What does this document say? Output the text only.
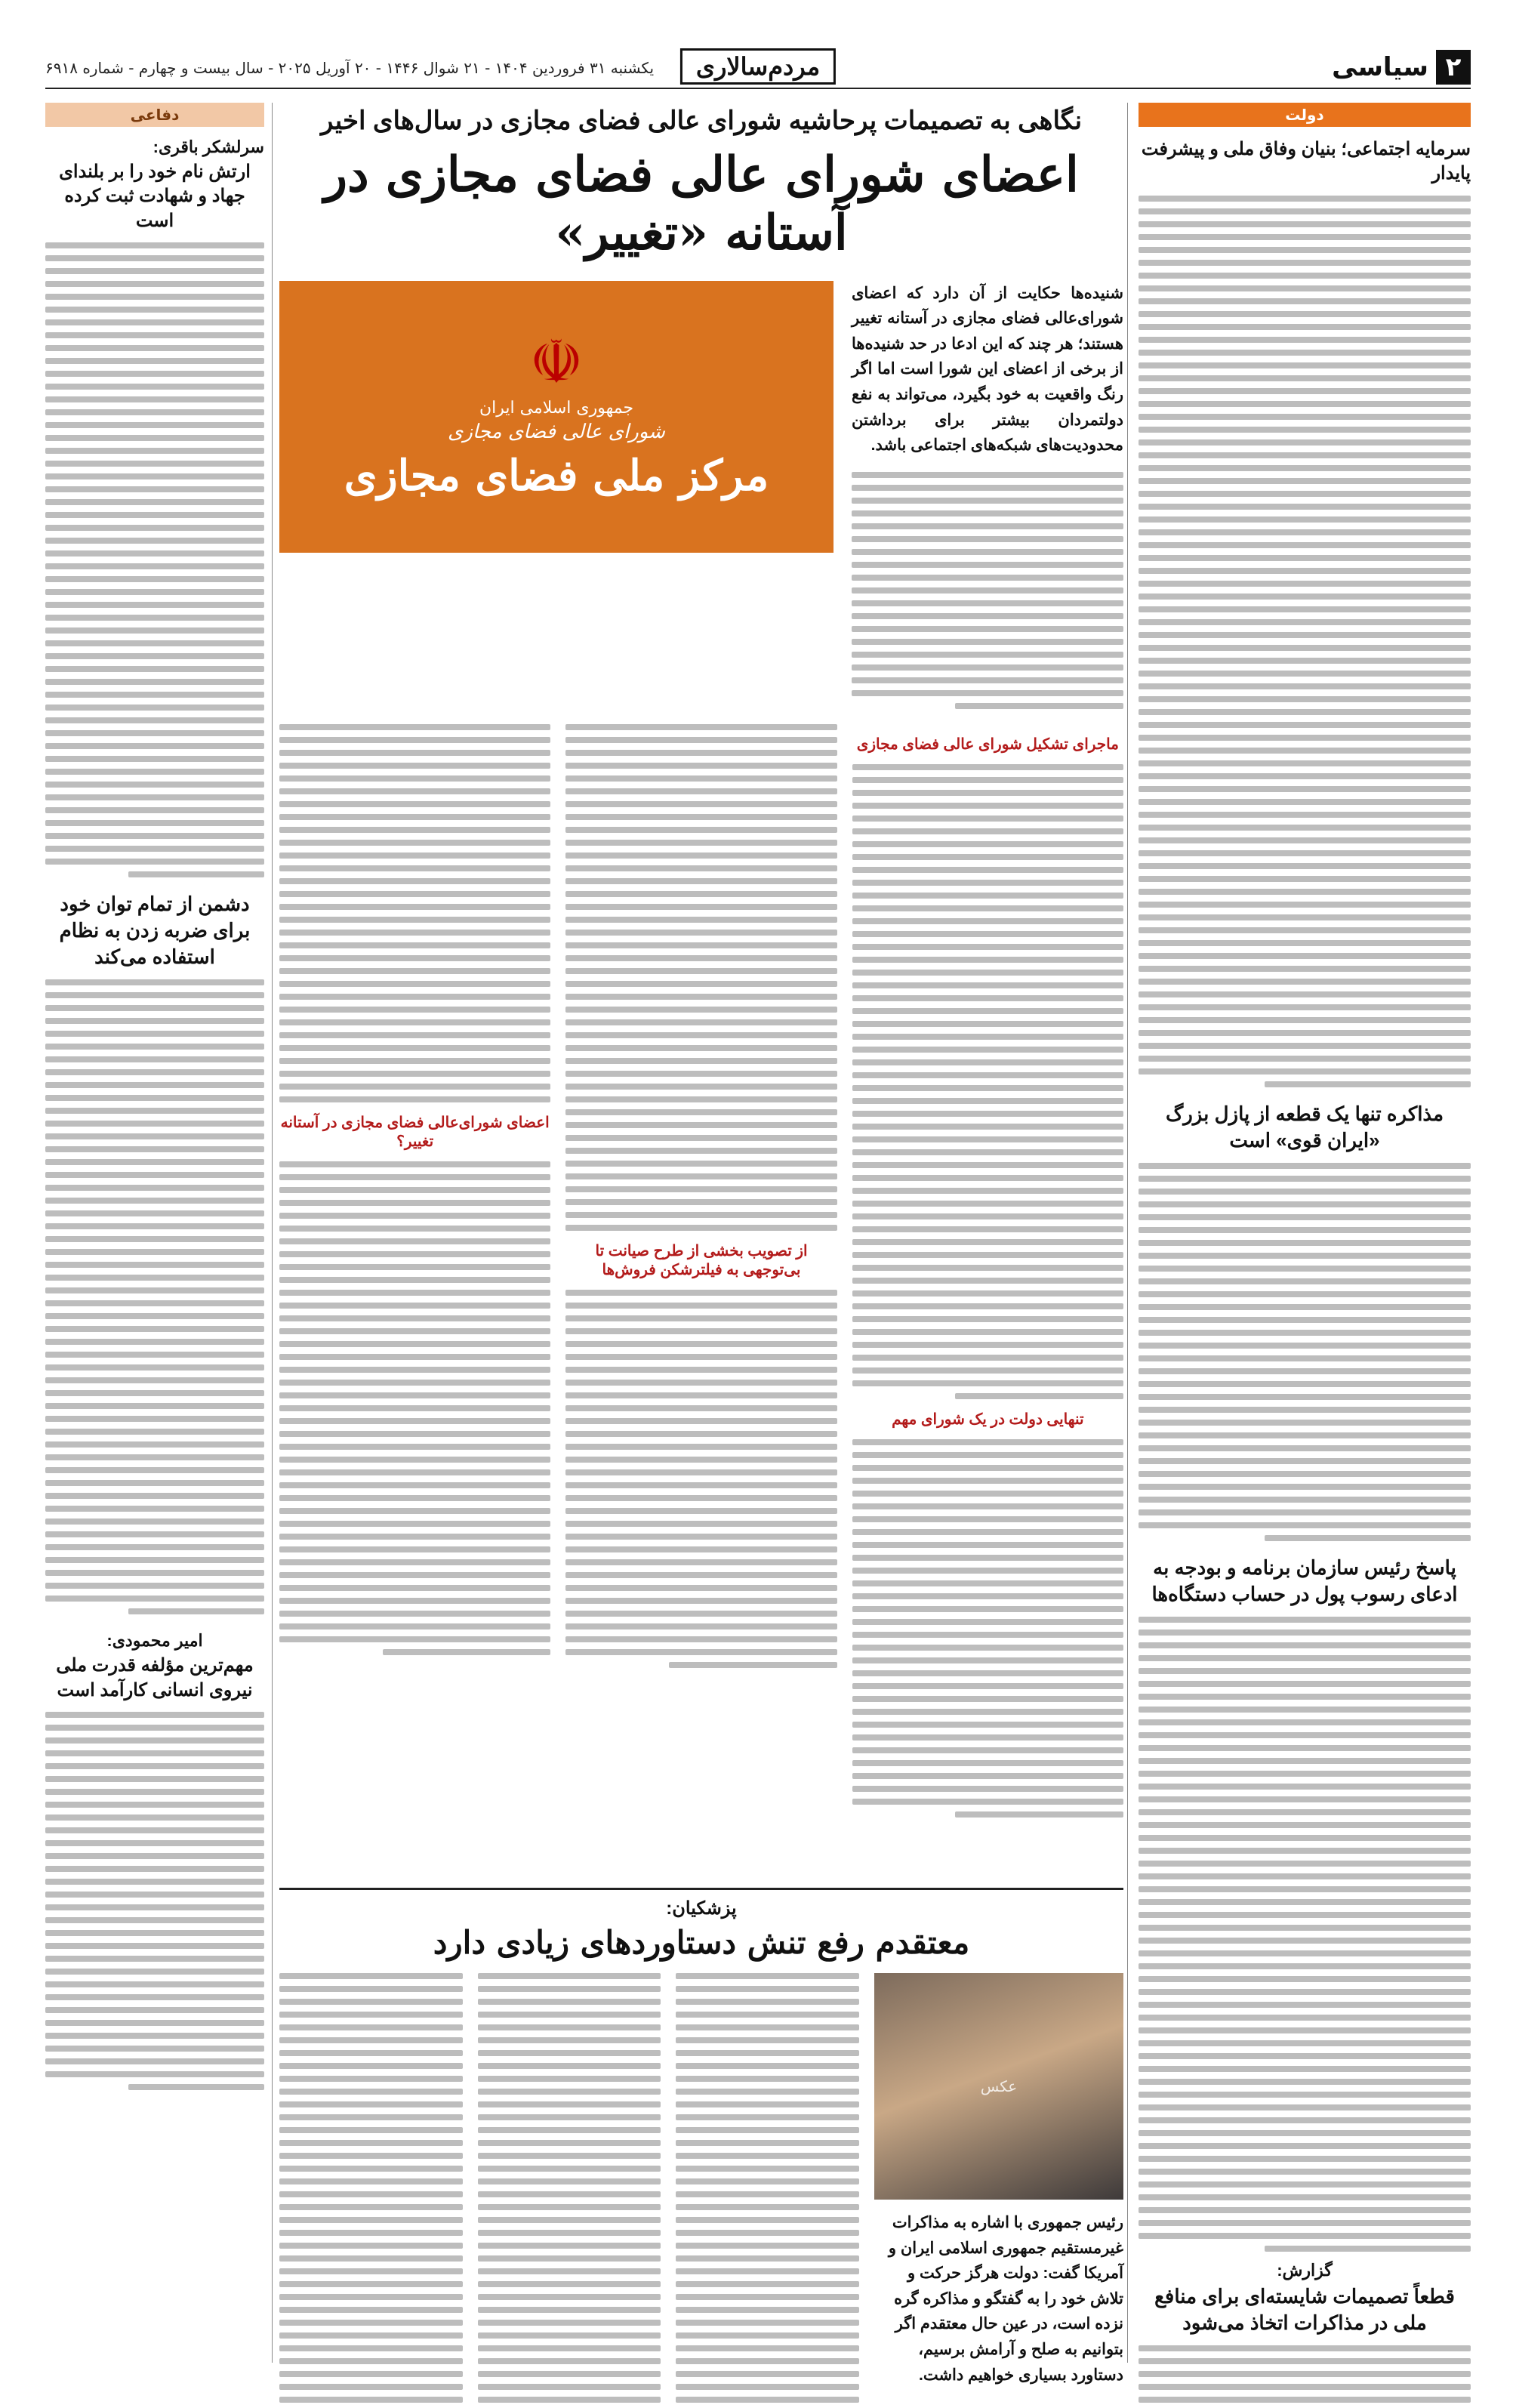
۲
سیاسی
مردم‌سالاری
یکشنبه ۳۱ فروردین ۱۴۰۴ - ۲۱ شوال ۱۴۴۶ - ۲۰ آوریل ۲۰۲۵ - سال بیست و چهارم - شماره ۶۹۱۸
دولت
سرمایه اجتماعی؛ بنیان وفاق ملی و پیشرفت پایدار
مذاکره تنها یک قطعه از پازل بزرگ «ایران قوی» است
پاسخ رئیس سازمان برنامه و بودجه به ادعای رسوب پول در حساب دستگاه‌ها
گزارش:
قطعاً تصمیمات شایسته‌ای برای منافع ملی در مذاکرات اتخاذ می‌شود
دفاعی
سرلشکر باقری:
ارتش نام خود را بر بلندای جهاد و شهادت ثبت کرده است
دشمن از تمام توان خود برای ضربه زدن به نظام استفاده می‌کند
امیر محمودی:
مهم‌ترین مؤلفه قدرت ملی نیروی انسانی کارآمد است
نگاهی به تصمیمات پرحاشیه شورای عالی فضای مجازی در سال‌های اخیر
اعضای شورای عالی فضای مجازی در آستانه «تغییر»
شنیده‌ها حکایت از آن دارد که اعضای شورای‌عالی فضای مجازی در آستانه تغییر هستند؛ هر چند که این ادعا در حد شنیده‌ها از برخی از اعضای این شورا است اما اگر رنگ واقعیت به خود بگیرد، می‌تواند به نفع دولتمردان بیشتر برای برداشتن محدودیت‌های شبکه‌های اجتماعی باشد.
☫
جمهوری اسلامی ایران
شورای عالی فضای مجازی
مرکز ملی فضای مجازی
ماجرای تشکیل شورای عالی فضای مجازی
تنها‌یی دولت در یک شورای مهم
از تصویب بخشی از طرح صیانت تا بی‌توجهی به فیلترشکن فروش‌ها
اعضای شورای‌عالی فضای مجازی در آستانه تغییر؟
پزشکیان:
معتقدم رفع تنش دستاوردهای زیادی دارد
عکس
رئیس جمهوری با اشاره به مذاکرات غیرمستقیم جمهوری اسلامی ایران و آمریکا گفت: دولت هرگز حرکت و تلاش خود را به گفتگو و مذاکره گره نزده است، در عین حال معتقدم اگر بتوانیم به صلح و آرامش برسیم، دستاورد بسیاری خواهیم داشت.
